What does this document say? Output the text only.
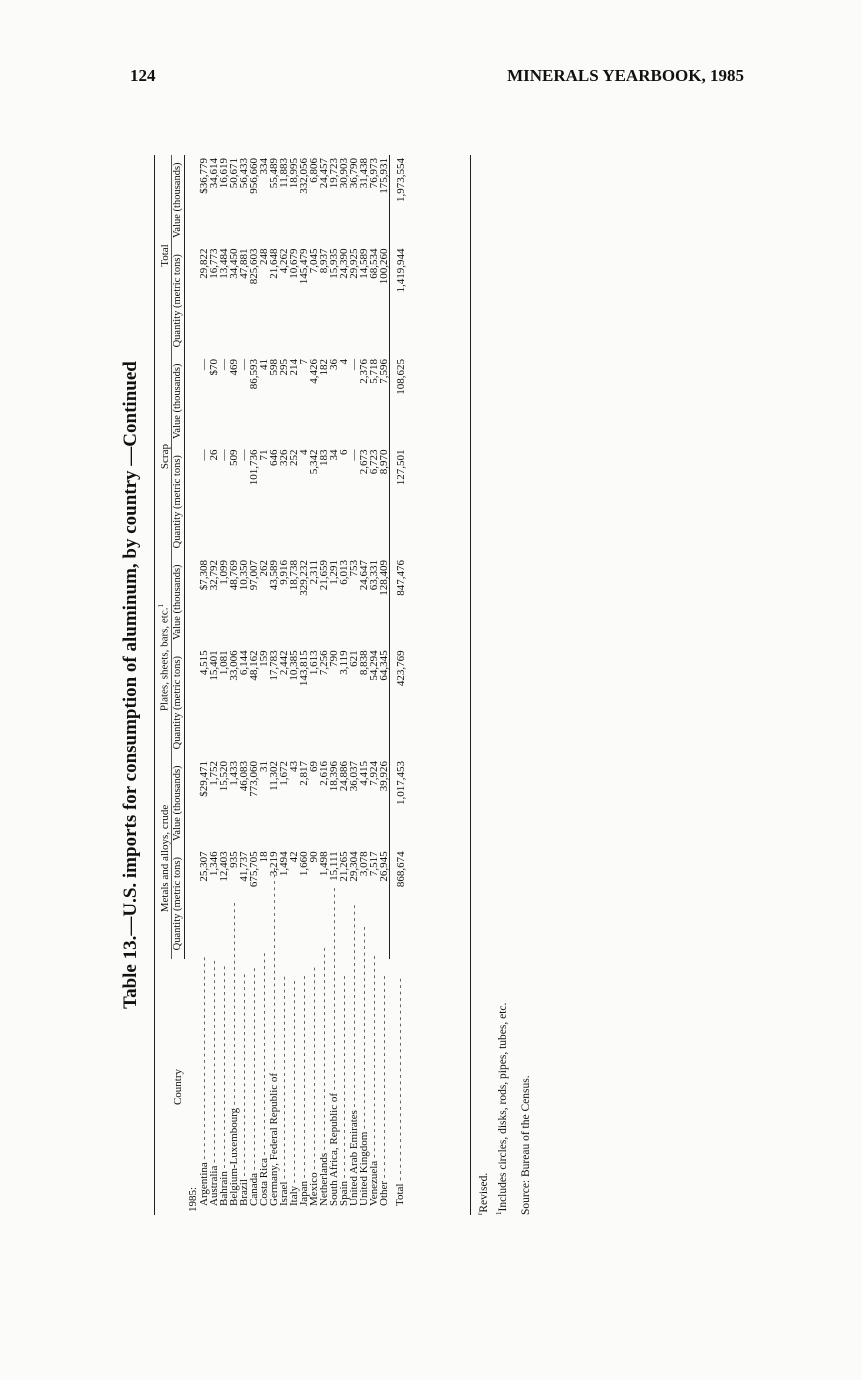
124	MINERALS YEARBOOK, 1985
Table 13.—U.S. imports for consumption of aluminum, by country —Continued
Country	Metals and alloys, crude		Plates, sheets, bars, etc.$^1$		Scrap		Total	
	Quantity (metric tons)	Value (thousands)	Quantity (metric tons)	Value (thousands)	Quantity (metric tons)	Value (thousands)	Quantity (metric tons)	Value (thousands)
1985:								
Argentina - - -	25,307	$29,471	4,515	$7,308	—	—	29,822	$36,779
Australia - - -	1,346	1,752	15,401	32,792	26	$70	16,773	34,614
Bahrain - - -	12,403	15,520	1,081	1,099	—	—	13,484	16,619
Belgium-Luxembourg - - -	935	1,433	33,006	48,769	509	469	34,450	50,671
Brazil - - -	41,737	46,083	6,144	10,350	—	—	47,881	56,433
Canada - - -	675,705	773,060	48,162	97,007	101,736	86,593	825,603	956,660
Costa Rica - - -	18	31	159	262	71	41	248	334
Germany, Federal Republic of - - -	3,219	11,302	17,783	43,589	646	598	21,648	55,489
Israel - - -	1,494	1,672	2,442	9,916	326	295	4,262	11,883
Italy - - -	42	43	10,385	18,738	252	214	10,679	18,995
Japan - - -	1,660	2,817	143,815	329,232	4	7	145,479	332,056
Mexico - - -	90	69	1,613	2,311	5,342	4,426	7,045	6,806
Netherlands - - -	1,498	2,616	7,256	21,659	183	182	8,937	24,457
South Africa, Republic of - - -	15,111	18,396	790	1,291	34	36	15,935	19,723
Spain - - -	21,265	24,886	3,119	6,013	6	4	24,390	30,903
United Arab Emirates - - -	29,304	36,037	621	753	—	—	29,925	36,790
United Kingdom - - -	3,078	4,415	8,838	24,647	2,673	2,376	14,589	31,438
Venezuela - - -	7,517	7,924	54,294	63,331	6,723	5,718	68,534	76,973
Other - - -	26,945	39,926	64,345	128,409	8,970	7,596	100,260	175,931
Total - - -	868,674	1,017,453	423,769	847,476	127,501	108,625	1,419,944	1,973,554
$^r$Revised.
$^1$Includes circles, disks, rods, pipes, tubes, etc. Source: Bureau of the Census.
